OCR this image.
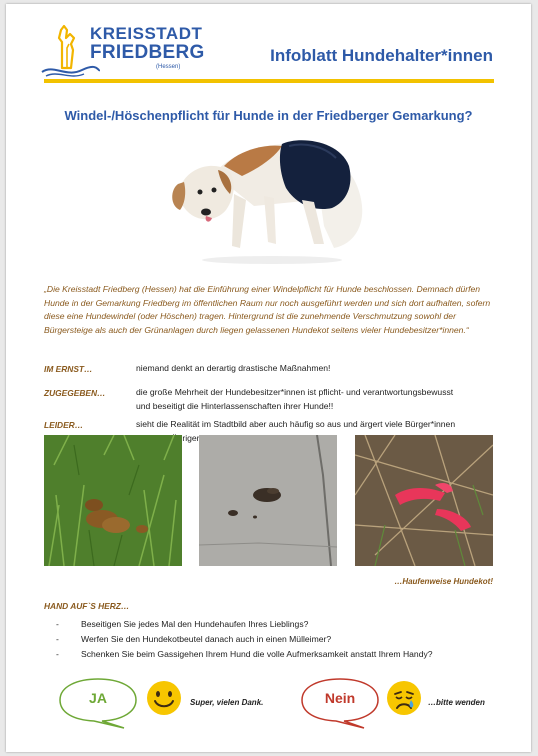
KREISSTADT
FRIEDBERG
(Hessen)
Infoblatt Hundehalter*innen
Windel-/Höschenpflicht für Hunde in der Friedberger Gemarkung?
„Die Kreisstadt Friedberg (Hessen) hat die Einführung einer Windelpflicht für Hunde beschlossen. Demnach dürfen Hunde in der Gemarkung Friedberg im öffentlichen Raum nur noch ausgeführt werden und sich dort aufhalten, sofern diese eine Hundewindel (oder Höschen) tragen. Hintergrund ist die zunehmende Verschmutzung sowohl der Bürgersteige als auch der Grünanlagen durch liegen gelassenen Hundekot seitens vieler Hundebesitzer*innen.“
IM ERNST…	niemand denkt an derartig drastische Maßnahmen!
ZUGEGEBEN…	die große Mehrheit der Hundebesitzer*innen ist pflicht- und verantwortungsbewusst
und beseitigt die Hinterlassenschaften ihrer Hunde!!
LEIDER…	sieht die Realität im Stadtbild aber auch häufig so aus und ärgert viele Bürger*innen
Übrigen
…Haufenweise Hundekot!
HAND AUF`S HERZ…
-	Beseitigen Sie jedes Mal den Hundehaufen Ihres Lieblings?
-	Werfen Sie den Hundekotbeutel danach auch in einen Mülleimer?
-	Schenken Sie beim Gassigehen Ihrem Hund die volle Aufmerksamkeit anstatt Ihrem Handy?
JA	Super, vielen Dank.	Nein	…bitte wenden
